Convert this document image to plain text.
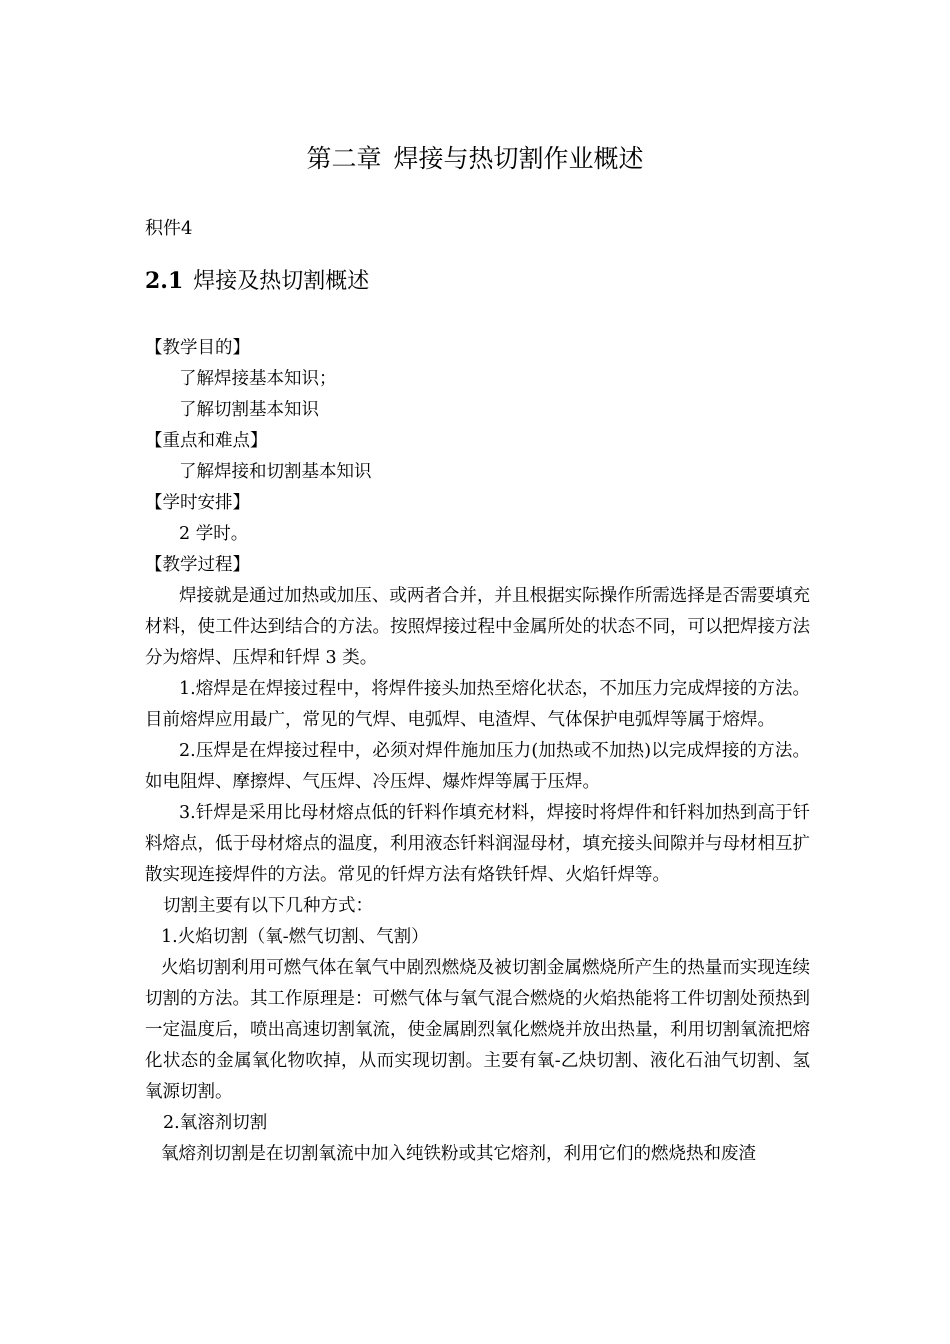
第二章 焊接与热切割作业概述
积件4
2.1 焊接及热切割概述
【教学目的】
了解焊接基本知识；
了解切割基本知识
【重点和难点】
了解焊接和切割基本知识
【学时安排】
2 学时。
【教学过程】

焊接就是通过加热或加压、或两者合并，并且根据实际操作所需选择是否需要填充材料，使工件达到结合的方法。按照焊接过程中金属所处的状态不同，可以把焊接方法分为熔焊、压焊和钎焊 3 类。

1.熔焊是在焊接过程中，将焊件接头加热至熔化状态，不加压力完成焊接的方法。目前熔焊应用最广，常见的气焊、电弧焊、电渣焊、气体保护电弧焊等属于熔焊。

2.压焊是在焊接过程中，必须对焊件施加压力(加热或不加热)以完成焊接的方法。如电阻焊、摩擦焊、气压焊、冷压焊、爆炸焊等属于压焊。

3.钎焊是采用比母材熔点低的钎料作填充材料，焊接时将焊件和钎料加热到高于钎料熔点，低于母材熔点的温度，利用液态钎料润湿母材，填充接头间隙并与母材相互扩散实现连接焊件的方法。常见的钎焊方法有烙铁钎焊、火焰钎焊等。

切割主要有以下几种方式：
1.火焰切割（氧-燃气切割、气割）

火焰切割利用可燃气体在氧气中剧烈燃烧及被切割金属燃烧所产生的热量而实现连续切割的方法。其工作原理是：可燃气体与氧气混合燃烧的火焰热能将工件切割处预热到一定温度后，喷出高速切割氧流，使金属剧烈氧化燃烧并放出热量，利用切割氧流把熔化状态的金属氧化物吹掉，从而实现切割。主要有氧-乙炔切割、液化石油气切割、氢氧源切割。

2.氧溶剂切割

氧熔剂切割是在切割氧流中加入纯铁粉或其它熔剂，利用它们的燃烧热和废渣
